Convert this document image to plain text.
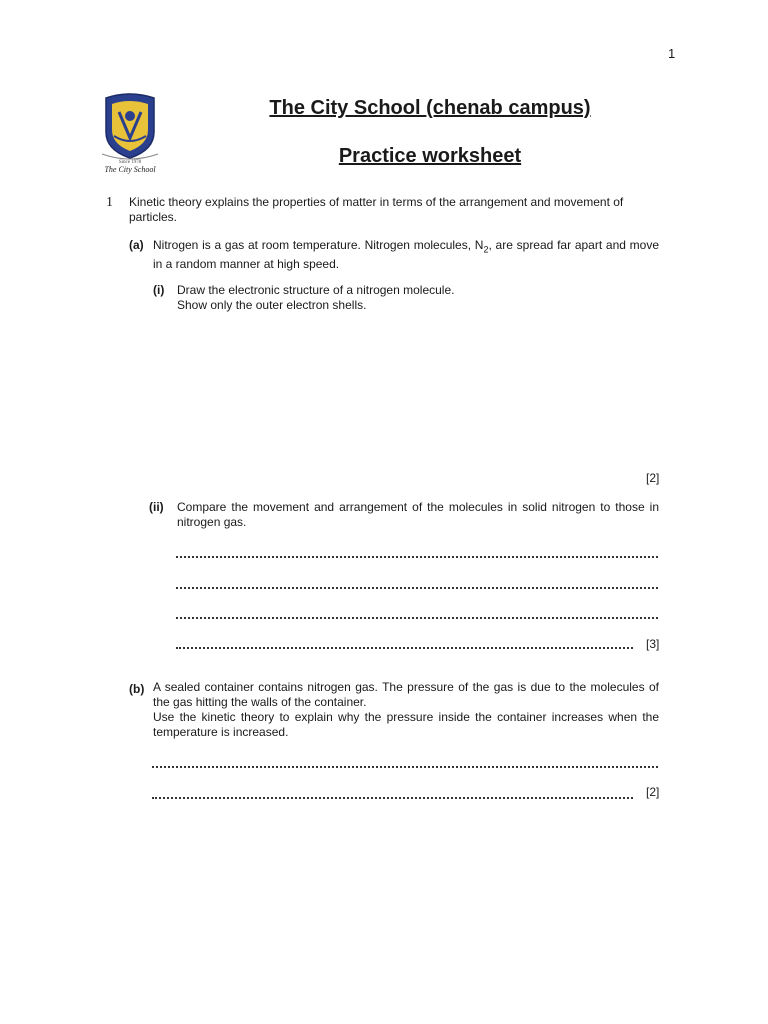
1
Since 1978
The City School
The City School (chenab campus)
Practice worksheet
1 Kinetic theory explains the properties of matter in terms of the arrangement and movement of particles.
(a) Nitrogen is a gas at room temperature. Nitrogen molecules, $N_2$, are spread far apart and move in a random manner at high speed.
(i) Draw the electronic structure of a nitrogen molecule.
Show only the outer electron shells.
[2]
(ii) Compare the movement and arrangement of the molecules in solid nitrogen to those in nitrogen gas.
[3]
(b) A sealed container contains nitrogen gas. The pressure of the gas is due to the molecules of the gas hitting the walls of the container.
Use the kinetic theory to explain why the pressure inside the container increases when the temperature is increased.
[2]
